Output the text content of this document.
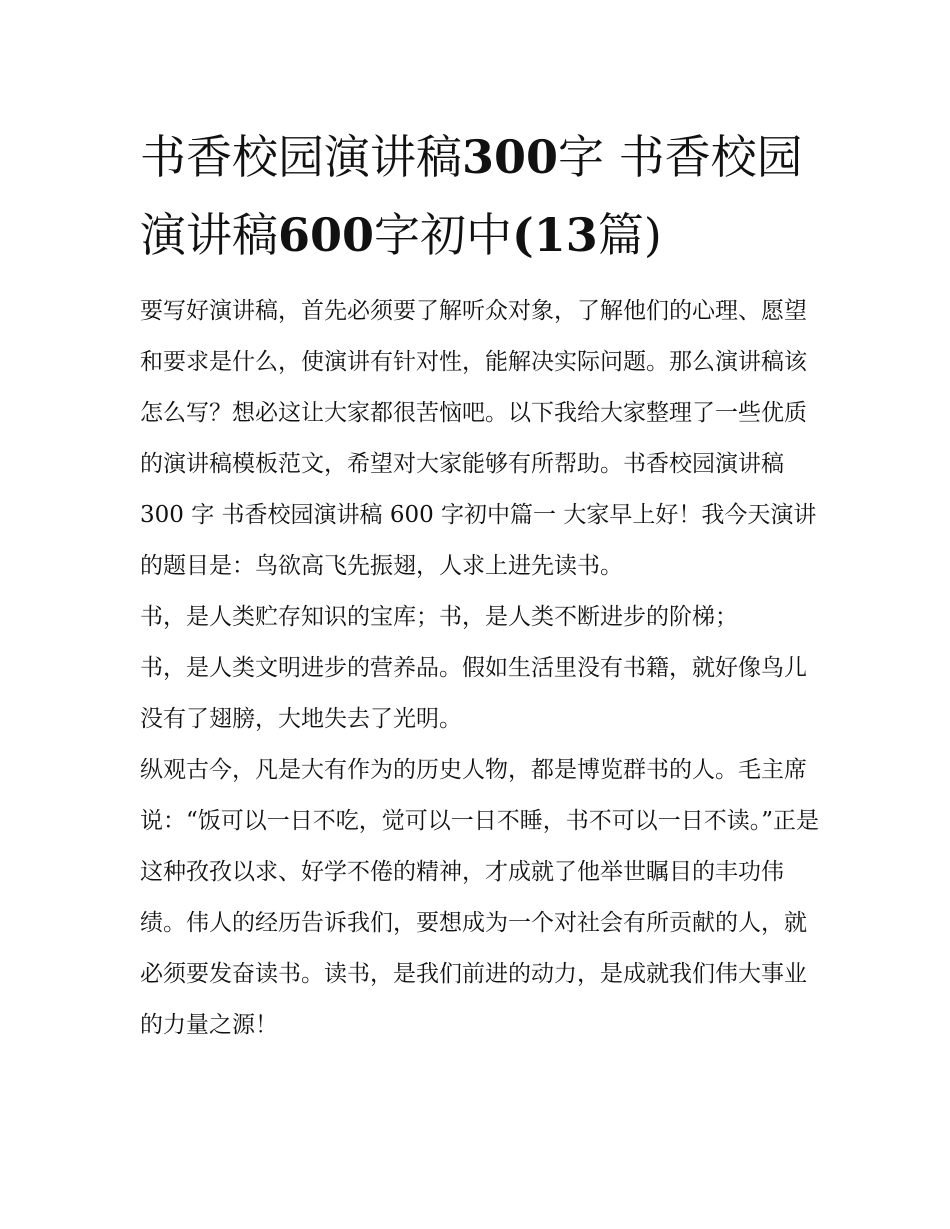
书香校园演讲稿300字 书香校园演讲稿600字初中(13篇)

要写好演讲稿，首先必须要了解听众对象，了解他们的心理、愿望和要求是什么，使演讲有针对性，能解决实际问题。那么演讲稿该怎么写？想必这让大家都很苦恼吧。以下我给大家整理了一些优质的演讲稿模板范文，希望对大家能够有所帮助。书香校园演讲稿 300 字 书香校园演讲稿 600 字初中篇一 大家早上好！我今天演讲的题目是：鸟欲高飞先振翅，人求上进先读书。

书，是人类贮存知识的宝库；书，是人类不断进步的阶梯；

书，是人类文明进步的营养品。假如生活里没有书籍，就好像鸟儿没有了翅膀，大地失去了光明。

纵观古今，凡是大有作为的历史人物，都是博览群书的人。毛主席说：“饭可以一日不吃，觉可以一日不睡，书不可以一日不读。”正是这种孜孜以求、好学不倦的精神，才成就了他举世瞩目的丰功伟绩。伟人的经历告诉我们，要想成为一个对社会有所贡献的人，就必须要发奋读书。读书，是我们前进的动力，是成就我们伟大事业的力量之源！
